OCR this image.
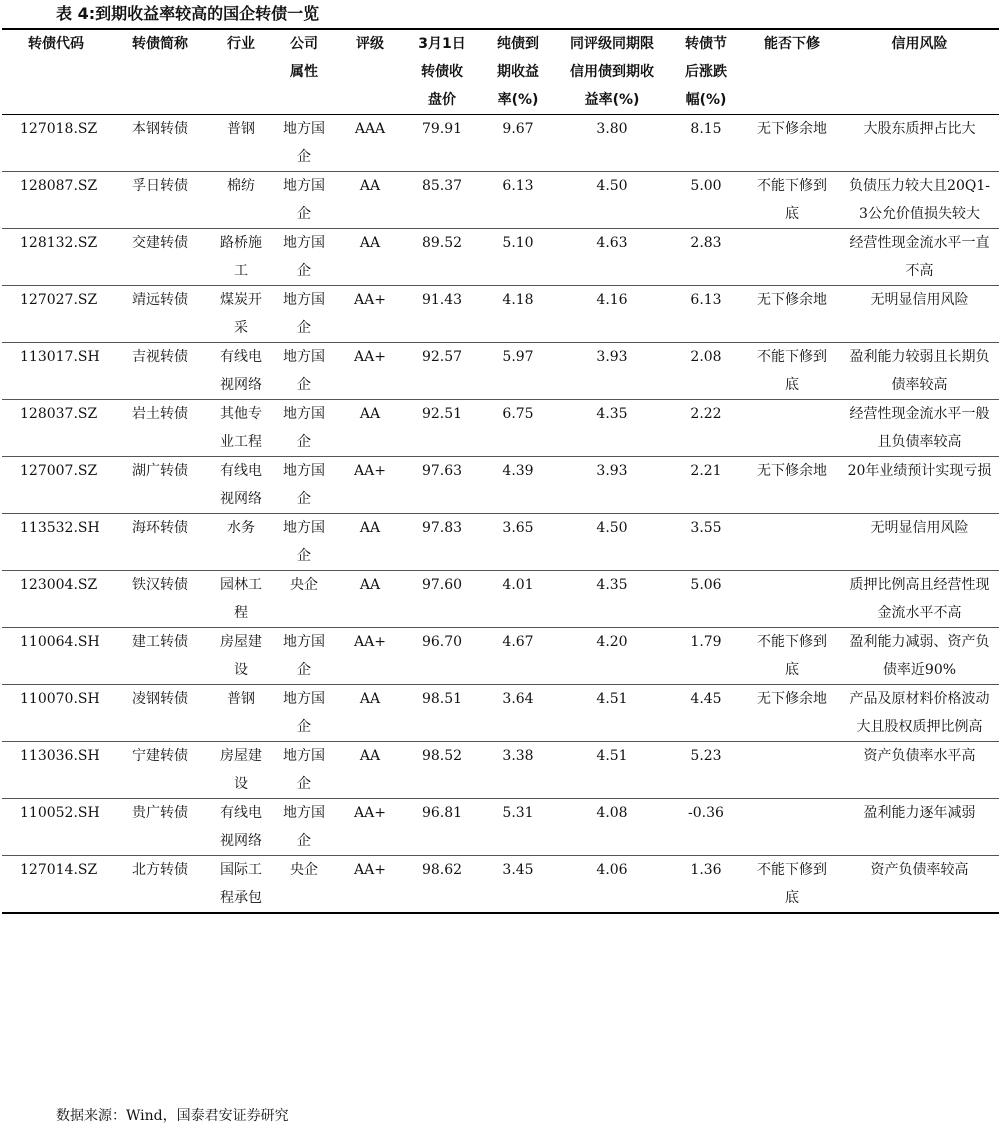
表 4:到期收益率较高的国企转债一览
转债代码	转债简称	行业	公司属性	评级	3月1日转债收盘价	纯债到期收益率(%)	同评级同期限信用债到期收益率(%)	转债节后涨跌幅(%)	能否下修	信用风险
127018.SZ	本钢转债	普钢	地方国企	AAA	79.91	9.67	3.80	8.15	无下修余地	大股东质押占比大
128087.SZ	孚日转债	棉纺	地方国企	AA	85.37	6.13	4.50	5.00	不能下修到底	负债压力较大且20Q1-3公允价值损失较大
128132.SZ	交建转债	路桥施工	地方国企	AA	89.52	5.10	4.63	2.83		经营性现金流水平一直不高
127027.SZ	靖远转债	煤炭开采	地方国企	AA+	91.43	4.18	4.16	6.13	无下修余地	无明显信用风险
113017.SH	吉视转债	有线电视网络	地方国企	AA+	92.57	5.97	3.93	2.08	不能下修到底	盈利能力较弱且长期负债率较高
128037.SZ	岩土转债	其他专业工程	地方国企	AA	92.51	6.75	4.35	2.22		经营性现金流水平一般且负债率较高
127007.SZ	湖广转债	有线电视网络	地方国企	AA+	97.63	4.39	3.93	2.21	无下修余地	20年业绩预计实现亏损
113532.SH	海环转债	水务	地方国企	AA	97.83	3.65	4.50	3.55		无明显信用风险
123004.SZ	铁汉转债	园林工程	央企	AA	97.60	4.01	4.35	5.06		质押比例高且经营性现金流水平不高
110064.SH	建工转债	房屋建设	地方国企	AA+	96.70	4.67	4.20	1.79	不能下修到底	盈利能力减弱、资产负债率近90%
110070.SH	凌钢转债	普钢	地方国企	AA	98.51	3.64	4.51	4.45	无下修余地	产品及原材料价格波动大且股权质押比例高
113036.SH	宁建转债	房屋建设	地方国企	AA	98.52	3.38	4.51	5.23		资产负债率水平高
110052.SH	贵广转债	有线电视网络	地方国企	AA+	96.81	5.31	4.08	-0.36		盈利能力逐年减弱
127014.SZ	北方转债	国际工程承包	央企	AA+	98.62	3.45	4.06	1.36	不能下修到底	资产负债率较高
数据来源：Wind，国泰君安证券研究
